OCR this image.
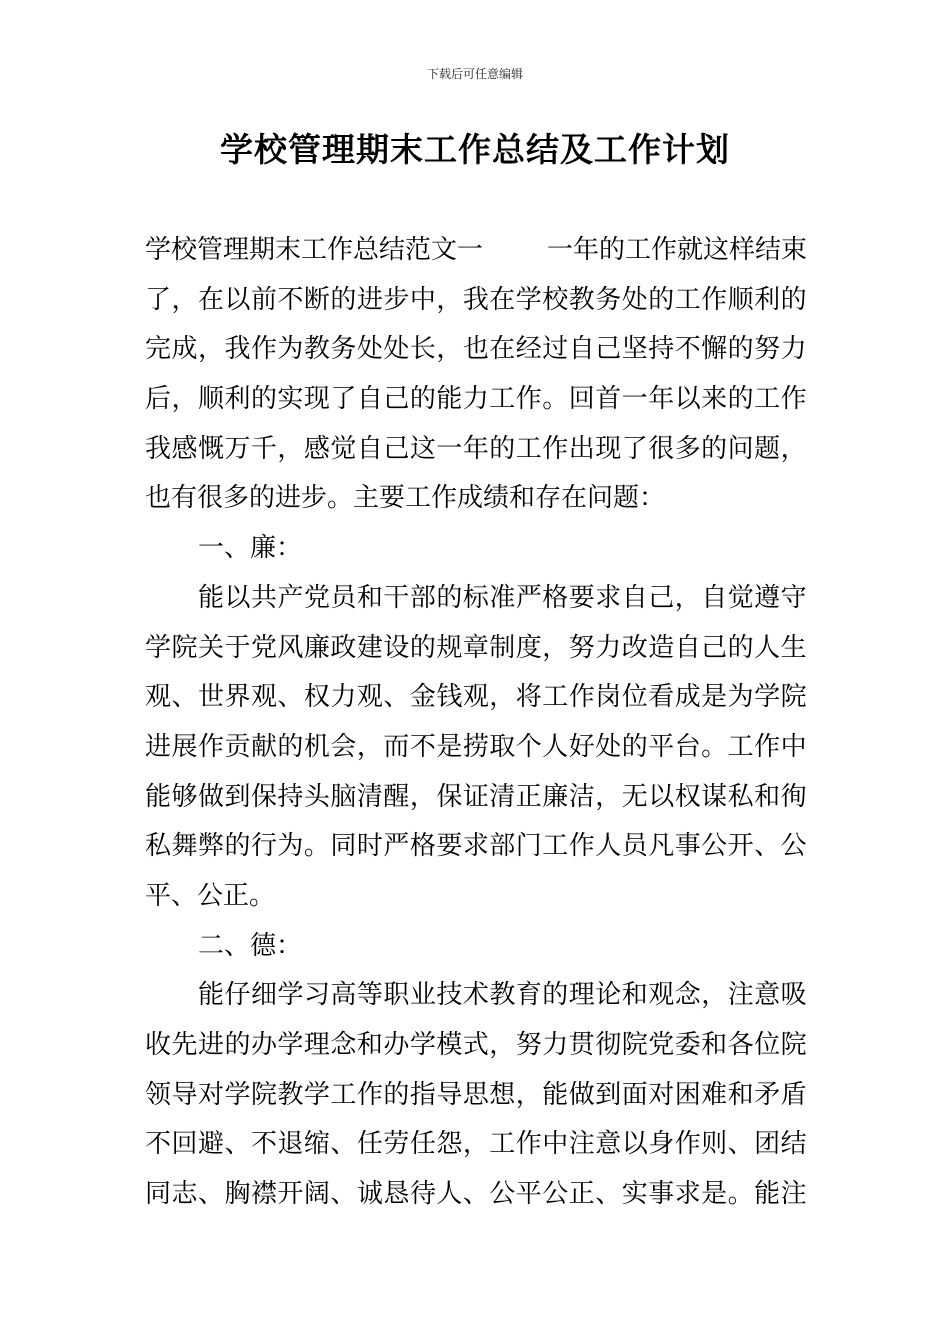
下载后可任意编辑
学校管理期末工作总结及工作计划
学校管理期末工作总结范文一 一年的工作就这样结束
了 ， 在 以 前 不 断 的 进 步 中 ， 我 在 学 校 教 务 处 的 工 作 顺 利 的
完 成 ， 我 作 为 教 务 处 处 长 ， 也 在 经 过 自 己 坚 持 不 懈 的 努 力
后 ， 顺 利 的 实 现 了 自 己 的 能 力 工 作 。 回 首 一 年 以 来 的 工 作
我 感 慨 万 千 ， 感 觉 自 己 这 一 年 的 工 作 出 现 了 很 多 的 问 题 ，
也有很多的进步。主要工作成绩和存在问题：
一、廉：
能 以 共 产 党 员 和 干 部 的 标 准 严 格 要 求 自 己 ， 自 觉 遵 守
学 院 关 于 党 风 廉 政 建 设 的 规 章 制 度 ， 努 力 改 造 自 己 的 人 生
观 、 世 界 观 、 权 力 观 、 金 钱 观 ， 将 工 作 岗 位 看 成 是 为 学 院
进 展 作 贡 献 的 机 会 ， 而 不 是 捞 取 个 人 好 处 的 平 台 。 工 作 中
能 够 做 到 保 持 头 脑 清 醒 ， 保 证 清 正 廉 洁 ， 无 以 权 谋 私 和 徇
私 舞 弊 的 行 为 。 同 时 严 格 要 求 部 门 工 作 人 员 凡 事 公 开 、 公
平、公正。
二、德：
能 仔 细 学 习 高 等 职 业 技 术 教 育 的 理 论 和 观 念 ， 注 意 吸
收 先 进 的 办 学 理 念 和 办 学 模 式 ， 努 力 贯 彻 院 党 委 和 各 位 院
领 导 对 学 院 教 学 工 作 的 指 导 思 想 ， 能 做 到 面 对 困 难 和 矛 盾
不 回 避 、 不 退 缩 、 任 劳 任 怨 ， 工 作 中 注 意 以 身 作 则 、 团 结
同 志 、 胸 襟 开 阔 、 诚 恳 待 人 、 公 平 公 正 、 实 事 求 是 。 能 注
